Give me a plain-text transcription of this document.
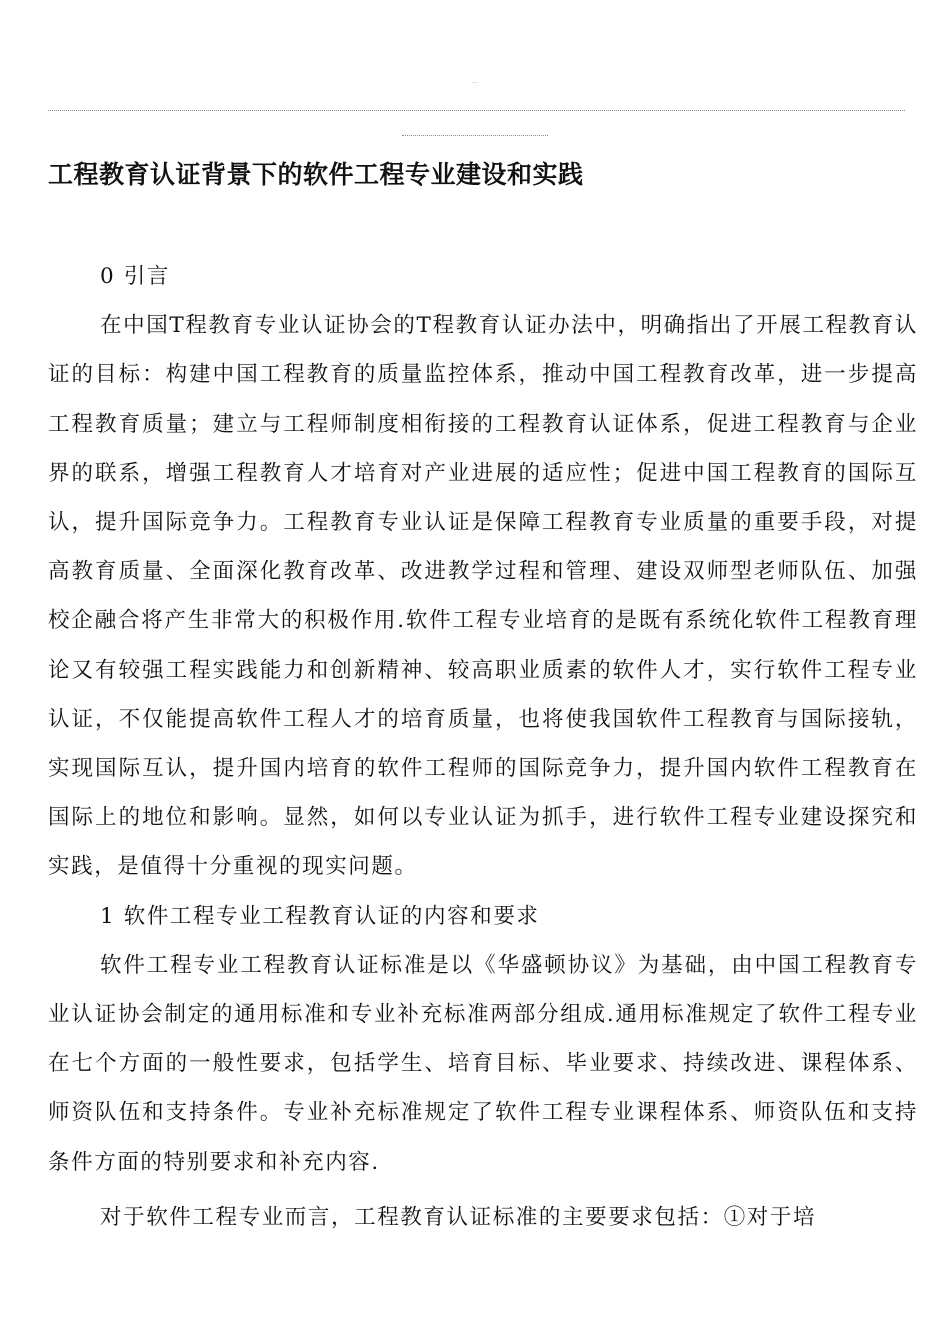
...
工程教育认证背景下的软件工程专业建设和实践

0 引言

在中国T程教育专业认证协会的T程教育认证办法中，明确指出了开展工程教育认证的目标：构建中国工程教育的质量监控体系，推动中国工程教育改革，进一步提高工程教育质量；建立与工程师制度相衔接的工程教育认证体系，促进工程教育与企业界的联系，增强工程教育人才培育对产业进展的适应性；促进中国工程教育的国际互认，提升国际竞争力。工程教育专业认证是保障工程教育专业质量的重要手段，对提高教育质量、全面深化教育改革、改进教学过程和管理、建设双师型老师队伍、加强校企融合将产生非常大的积极作用.软件工程专业培育的是既有系统化软件工程教育理论又有较强工程实践能力和创新精神、较高职业质素的软件人才，实行软件工程专业认证，不仅能提高软件工程人才的培育质量，也将使我国软件工程教育与国际接轨，实现国际互认，提升国内培育的软件工程师的国际竞争力，提升国内软件工程教育在国际上的地位和影响。显然，如何以专业认证为抓手，进行软件工程专业建设探究和实践，是值得十分重视的现实问题。

1 软件工程专业工程教育认证的内容和要求

软件工程专业工程教育认证标准是以《华盛顿协议》为基础，由中国工程教育专业认证协会制定的通用标准和专业补充标准两部分组成.通用标准规定了软件工程专业在七个方面的一般性要求，包括学生、培育目标、毕业要求、持续改进、课程体系、师资队伍和支持条件。专业补充标准规定了软件工程专业课程体系、师资队伍和支持条件方面的特别要求和补充内容.

对于软件工程专业而言，工程教育认证标准的主要要求包括：①对于培
